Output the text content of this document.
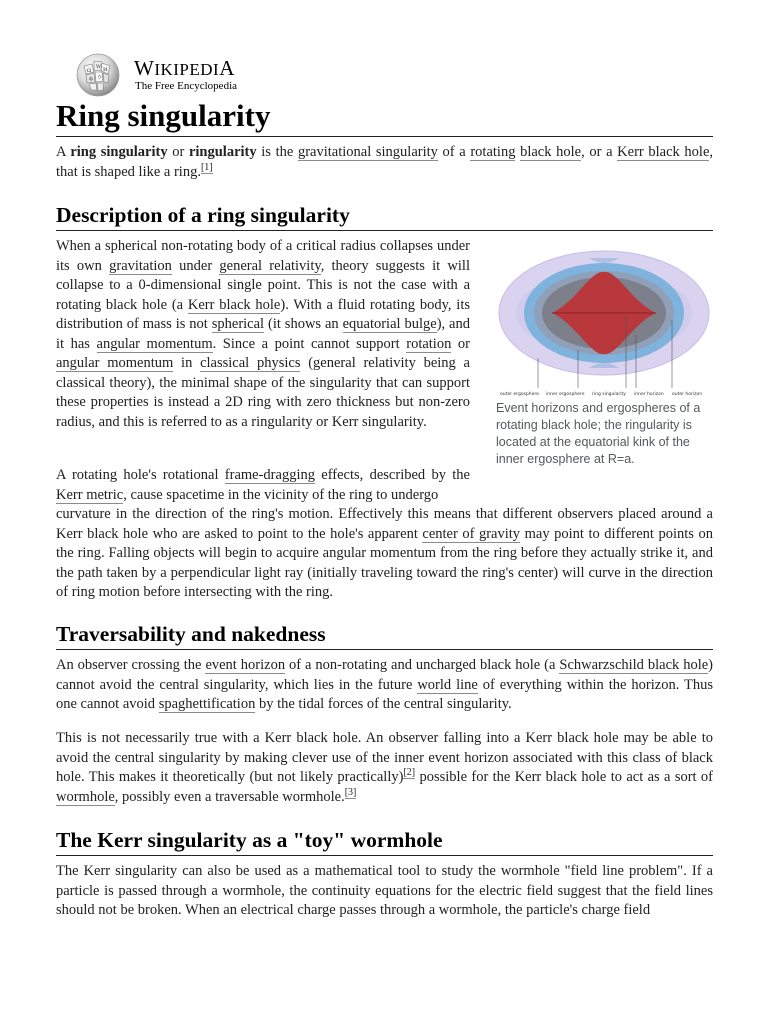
Ω
W И
ф ウ WIKIPEDIA
The Free Encyclopedia
Ring singularity

A ring singularity or ringularity is the gravitational singularity of a rotating black hole, or a Kerr black hole, that is shaped like a ring.[1]

Description of a ring singularity

When a spherical non-rotating body of a critical radius collapses under its own gravitation under general relativity, theory suggests it will collapse to a 0-dimensional single point. This is not the case with a rotating black hole (a Kerr black hole). With a fluid rotating body, its distribution of mass is not spherical (it shows an equatorial bulge), and it has angular momentum. Since a point cannot support rotation or angular momentum in classical physics (general relativity being a classical theory), the minimal shape of the singularity that can support these properties is instead a 2D ring with zero thickness but non-zero radius, and this is referred to as a ringularity or Kerr singularity.

A rotating hole's rotational frame-dragging effects, described by the Kerr metric, cause spacetime in the vicinity of the ring to undergo

curvature in the direction of the ring's motion. Effectively this means that different observers placed around a Kerr black hole who are asked to point to the hole's apparent center of gravity may point to different points on the ring. Falling objects will begin to acquire angular momentum from the ring before they actually strike it, and the path taken by a perpendicular light ray (initially traveling toward the ring's center) will curve in the direction of ring motion before intersecting with the ring.

outer ergosphere inner ergosphere ring singularity inner horizon outer horizon
Event horizons and ergospheres of a rotating black hole; the ringularity is located at the equatorial kink of the inner ergosphere at R=a.
Traversability and nakedness

An observer crossing the event horizon of a non-rotating and uncharged black hole (a Schwarzschild black hole) cannot avoid the central singularity, which lies in the future world line of everything within the horizon. Thus one cannot avoid spaghettification by the tidal forces of the central singularity.

This is not necessarily true with a Kerr black hole. An observer falling into a Kerr black hole may be able to avoid the central singularity by making clever use of the inner event horizon associated with this class of black hole. This makes it theoretically (but not likely practically)[2] possible for the Kerr black hole to act as a sort of wormhole, possibly even a traversable wormhole.[3]

The Kerr singularity as a "toy" wormhole

The Kerr singularity can also be used as a mathematical tool to study the wormhole "field line problem". If a particle is passed through a wormhole, the continuity equations for the electric field suggest that the field lines should not be broken. When an electrical charge passes through a wormhole, the particle's charge field
